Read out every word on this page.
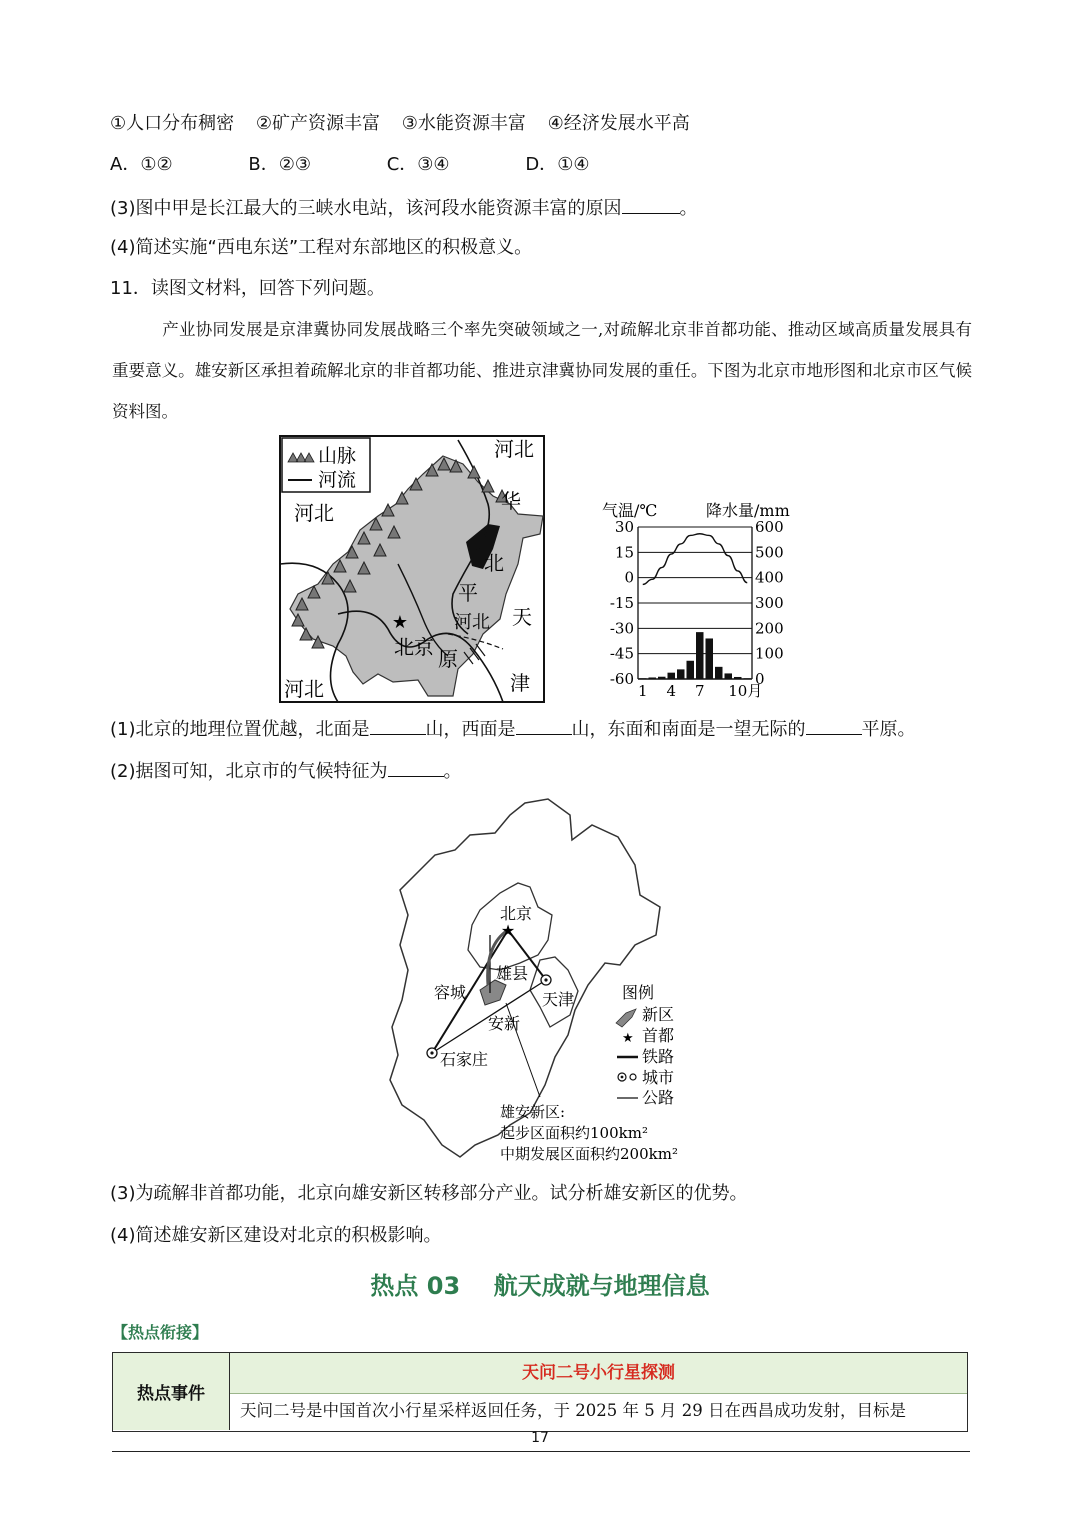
①人口分布稠密 ②矿产资源丰富 ③水能资源丰富 ④经济发展水平高
A．①②	B．②③	C．③④	D．①④
(3)图中甲是长江最大的三峡水电站，该河段水能资源丰富的原因	。
(4)简述实施“西电东送”工程对东部地区的积极意义。
11．读图文材料，回答下列问题。
产业协同发展是京津冀协同发展战略三个率先突破领域之一,对疏解北京非首都功能、推动区域高质量发展具有重要意义。雄安新区承担着疏解北京的非首都功能、推进京津冀协同发展的重任。下图为北京市地形图和北京市区气候资料图。
山脉
河流
河北
河北
河北
河北
华
北
平
原
天
津
★
北京
气温/℃	降水量/mm
30
15
0
-15
-30
-45
-60
600
500
400
300
200
100
0
1 4 7 10月
(1)北京的地理位置优越，北面是	山，西面是	山，东面和南面是一望无际的	平原。
(2)据图可知，北京市的气候特征为	。
★
北京
雄县
容城
安新
天津
石家庄
图例
新区
★ 首都
铁路
城市
公路
雄安新区:
起步区面积约100km²
中期发展区面积约200km²
(3)为疏解非首都功能，北京向雄安新区转移部分产业。试分析雄安新区的优势。
(4)简述雄安新区建设对北京的积极影响。
热点 03    航天成就与地理信息
【热点衔接】
热点事件
天问二号小行星探测
天问二号是中国首次小行星采样返回任务，于 2025 年 5 月 29 日在西昌成功发射，目标是
17
